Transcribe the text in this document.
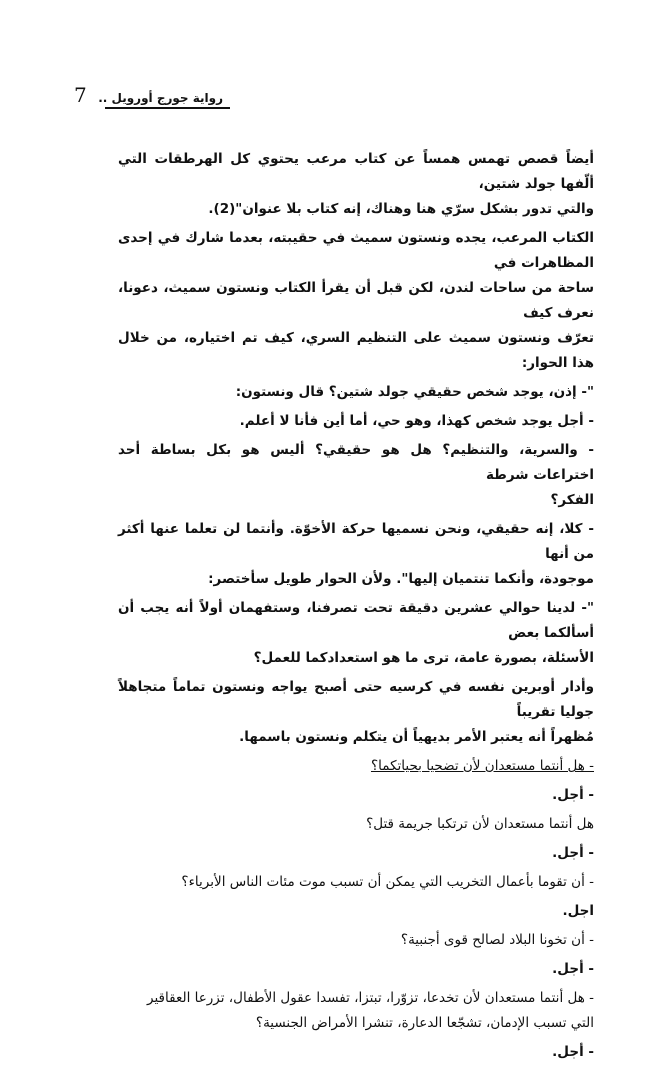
رواية جورج أورويل ..
7

أيضاً قصص تهمس همساً عن كتاب مرعب يحتوي كل الهرطقات التي ألّفها جولد شتين،
والتي تدور بشكل سرّي هنا وهناك، إنه كتاب بلا عنوان"(2).

الكتاب المرعب، يجده ونستون سميث في حقيبته، بعدما شارك في إحدى المظاهرات في
ساحة من ساحات لندن، لكن قبل أن يقرأ الكتاب ونستون سميث، دعونا، نعرف كيف
تعرّف ونستون سميث على التنظيم السري، كيف تم اختياره، من خلال هذا الحوار:

"- إذن، يوجد شخص حقيقي جولد شتين؟ قال ونستون:

- أجل يوجد شخص كهذا، وهو حي، أما أين فأنا لا أعلم.

- والسرية، والتنظيم؟ هل هو حقيقي؟ أليس هو بكل بساطة أحد اختراعات شرطة
الفكر؟

- كلا، إنه حقيقي، ونحن نسميها حركة الأخوّة. وأنتما لن تعلما عنها أكثر من أنها
موجودة، وأنكما تنتميان إليها". ولأن الحوار طويل سأختصر:

"- لدينا حوالي عشرين دقيقة تحت تصرفنا، وستفهمان أولاً أنه يجب أن أسألكما بعض
الأسئلة، بصورة عامة، ترى ما هو استعدادكما للعمل؟

وأدار أوبرين نفسه في كرسيه حتى أصبح يواجه ونستون تماماً متجاهلاً جوليا تقريباً
مُظهراً أنه يعتبر الأمر بديهياً أن يتكلم ونستون باسمها.

- هل أنتما مستعدان لأن تضحيا بحياتكما؟

- أجل.

هل أنتما مستعدان لأن ترتكبا جريمة قتل؟

- أجل.

- أن تقوما بأعمال التخريب التي يمكن أن تسبب موت مئات الناس الأبرياء؟

اجل.

- أن تخونا البلاد لصالح قوى أجنبية؟

- أجل.

- هل أنتما مستعدان لأن تخدعا، تزوّرا، تبتزا، تفسدا عقول الأطفال، تزرعا العقاقير
التي تسبب الإدمان، تشجّعا الدعارة، تنشرا الأمراض الجنسية؟

- أجل.
